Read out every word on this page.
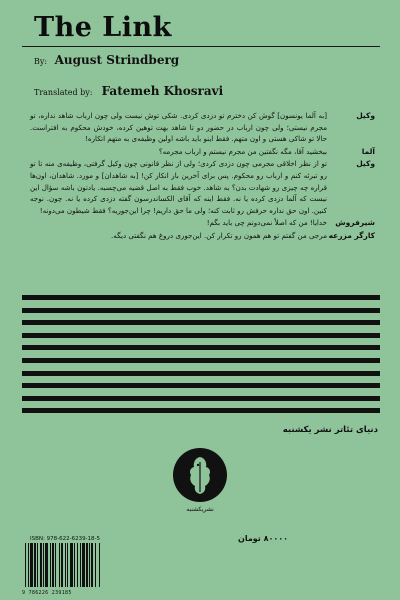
The Link
By: August Strindberg
Translated by: Fatemeh Khosravi
وکیل
[به آلما یونسون] گوش کن دخترم تو دزدی کردی. شکی توش نیست ولی چون ارباب شاهد نداره، تو مجرم نیستی؛ ولی چون ارباب در حضور دو تا شاهد بهت توهین کرده، خودش محکوم به افتراست. حالا تو شاکی هستی و اون متهم. فقط اینو باید باشه اولین وظیفه‌ی به متهم اتکاره!
آلما
ببخشید آقا، مگه نگفتین من مجرم نیستم و ارباب مجرمه؟
وکیل
تو از نظر اخلاقی مجرمی چون دزدی کردی؛ ولی از نظر قانونی چون وکیل گرفتی، وظیفه‌ی منه تا تو رو تبرئه کنم و ارباب رو محکوم. پس برای آخرین بار انکار کن! [به شاهدان] و مورد. شاهدان، اون‌ها قراره چه چیزی رو شهادت بدن؟ به شاهد. خوب فقط به اصل قضیه می‌چسبه. یادتون باشه سؤال این نیست که آلما دزدی کرده یا نه. فقط اینه که آقای الکساندرسون گفته دزدی کرده یا نه. چون. نوجه کنین. اون حق نداره حرفش رو ثابت کنه؛ ولی ما حق داریم! چرا این‌جوریه؟ فقط شیطون می‌دونه!
شیرفروش
خدایا! من که اصلاً نمی‌دونم چی باید بگم!
کارگر مزرعه
مرجی من گفتم تو هم همون رو تکرار کن. این‌جوری دروغ هم نگفتی دیگه.
دنیای تئاتر نشر یکشنبه
نشریکشنبه
ISBN: 978-622-6239-18-5	۸۰۰۰۰ تومان
9 786226 239185
